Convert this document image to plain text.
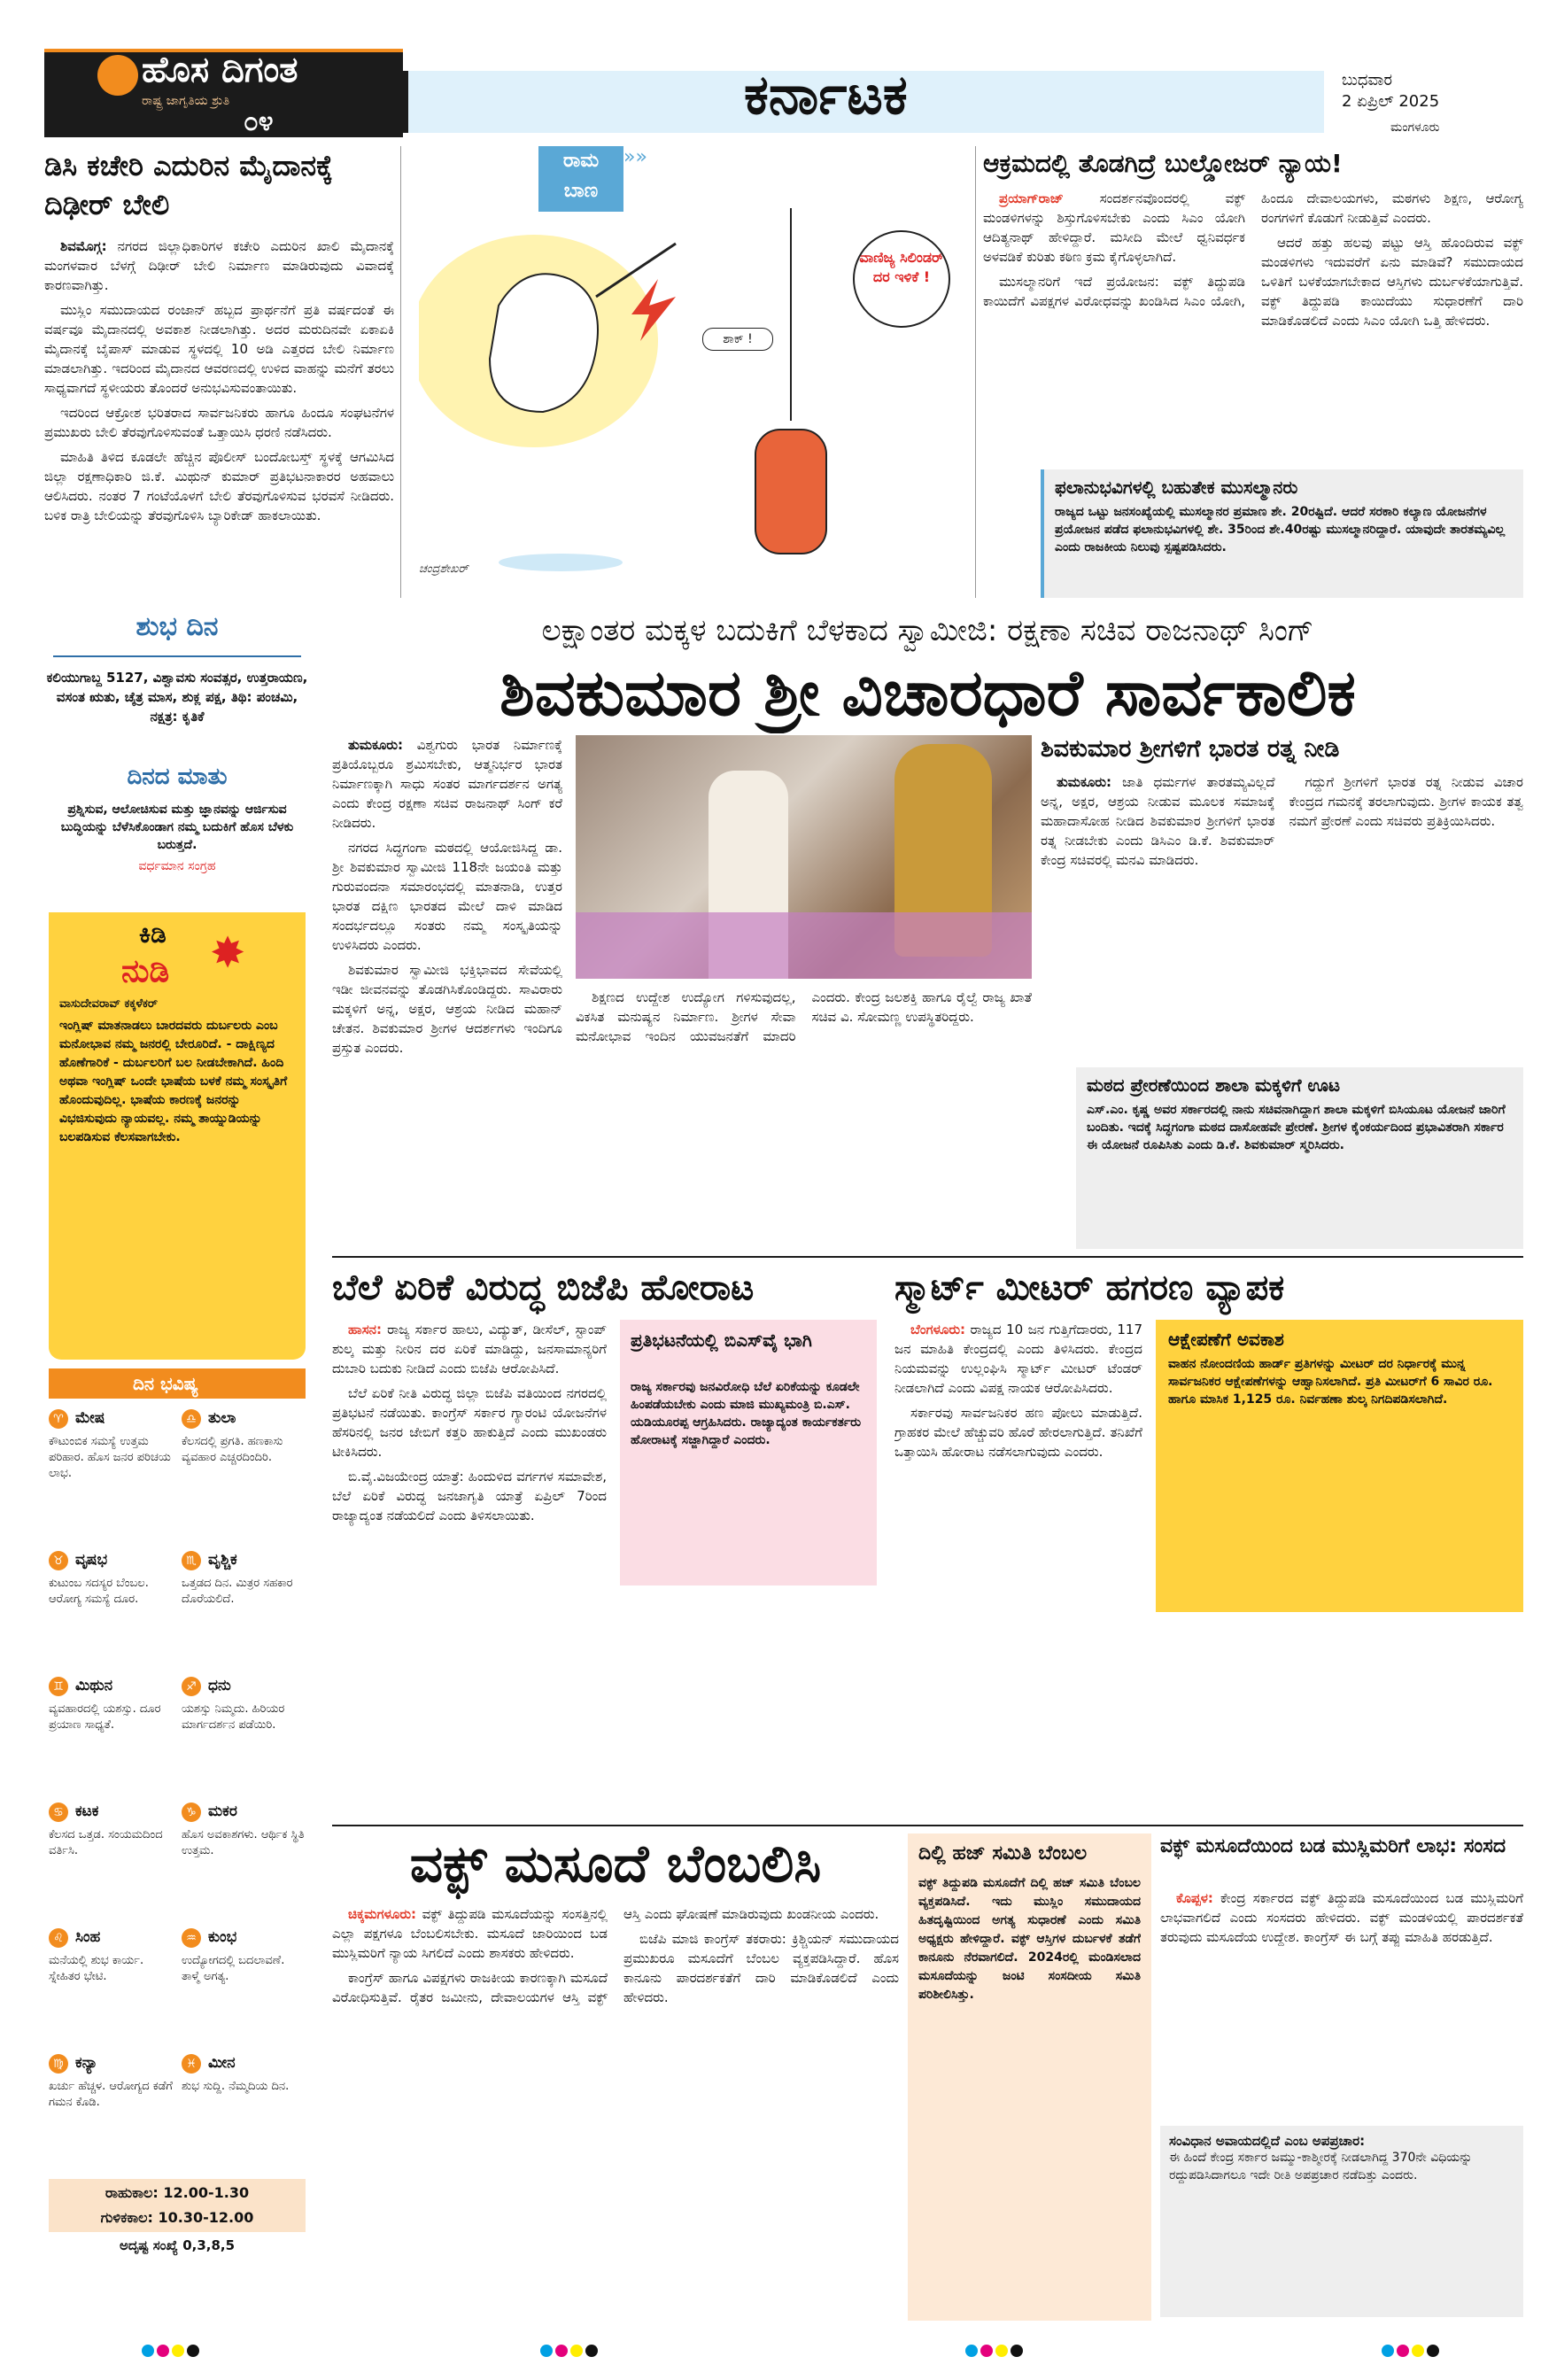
ಹೊಸ ದಿಗಂತ
ರಾಷ್ಟ್ರ ಜಾಗೃತಿಯ ಶ್ರುತಿ
೦೪	ಕರ್ನಾಟಕ	ಬುಧವಾರ
2 ಏಪ್ರಿಲ್ 2025
ಮಂಗಳೂರು
ಡಿಸಿ ಕಚೇರಿ ಎದುರಿನ ಮೈದಾನಕ್ಕೆ ದಿಢೀರ್ ಬೇಲಿ

ಶಿವಮೊಗ್ಗ: ನಗರದ ಜಿಲ್ಲಾಧಿಕಾರಿಗಳ ಕಚೇರಿ ಎದುರಿನ ಖಾಲಿ ಮೈದಾನಕ್ಕೆ ಮಂಗಳವಾರ ಬೆಳಗ್ಗೆ ದಿಢೀರ್ ಬೇಲಿ ನಿರ್ಮಾಣ ಮಾಡಿರುವುದು ವಿವಾದಕ್ಕೆ ಕಾರಣವಾಗಿತ್ತು.

ಮುಸ್ಲಿಂ ಸಮುದಾಯದ ರಂಜಾನ್ ಹಬ್ಬದ ಪ್ರಾರ್ಥನೆಗೆ ಪ್ರತಿ ವರ್ಷದಂತೆ ಈ ವರ್ಷವೂ ಮೈದಾನದಲ್ಲಿ ಅವಕಾಶ ನೀಡಲಾಗಿತ್ತು. ಅದರ ಮರುದಿನವೇ ಏಕಾಏಕಿ ಮೈದಾನಕ್ಕೆ ಬೈಪಾಸ್ ಮಾಡುವ ಸ್ಥಳದಲ್ಲಿ 10 ಅಡಿ ಎತ್ತರದ ಬೇಲಿ ನಿರ್ಮಾಣ ಮಾಡಲಾಗಿತ್ತು. ಇದರಿಂದ ಮೈದಾನದ ಆವರಣದಲ್ಲಿ ಉಳಿದ ವಾಹನ್ನು ಮನೆಗೆ ತರಲು ಸಾಧ್ಯವಾಗದೆ ಸ್ಥಳೀಯರು ತೊಂದರೆ ಅನುಭವಿಸುವಂತಾಯಿತು.

ಇದರಿಂದ ಆಕ್ರೋಶ ಭರಿತರಾದ ಸಾರ್ವಜನಿಕರು ಹಾಗೂ ಹಿಂದೂ ಸಂಘಟನೆಗಳ ಪ್ರಮುಖರು ಬೇಲಿ ತೆರವುಗೊಳಿಸುವಂತೆ ಒತ್ತಾಯಿಸಿ ಧರಣಿ ನಡೆಸಿದರು.

ಮಾಹಿತಿ ತಿಳಿದ ಕೂಡಲೇ ಹೆಚ್ಚಿನ ಪೊಲೀಸ್ ಬಂದೋಬಸ್ತ್ ಸ್ಥಳಕ್ಕೆ ಆಗಮಿಸಿದ ಜಿಲ್ಲಾ ರಕ್ಷಣಾಧಿಕಾರಿ ಜಿ.ಕೆ. ಮಿಥುನ್ ಕುಮಾರ್ ಪ್ರತಿಭಟನಾಕಾರರ ಅಹವಾಲು ಆಲಿಸಿದರು. ನಂತರ 7 ಗಂಟೆಯೊಳಗೆ ಬೇಲಿ ತೆರವುಗೊಳಿಸುವ ಭರವಸೆ ನೀಡಿದರು. ಬಳಿಕ ರಾತ್ರಿ ಬೇಲಿಯನ್ನು ತೆರವುಗೊಳಿಸಿ ಬ್ಯಾರಿಕೇಡ್ ಹಾಕಲಾಯಿತು.

ರಾಮ
ಬಾಣ
»»
ವಾಣಿಜ್ಯ ಸಿಲಿಂಡರ್ ದರ ಇಳಿಕೆ !
ಶಾಕ್ !
ಚಂದ್ರಶೇಖರ್
ಆಕ್ರಮದಲ್ಲಿ ತೊಡಗಿದ್ರೆ ಬುಲ್ಡೋಜರ್ ನ್ಯಾಯ!

ಪ್ರಯಾಗ್‌ರಾಜ್	ಸಂದರ್ಶನವೊಂದರಲ್ಲಿ ವಕ್ಫ್ ಮಂಡಳಿಗಳನ್ನು ಶಿಸ್ತುಗೊಳಿಸಬೇಕು ಎಂದು ಸಿಎಂ ಯೋಗಿ ಆದಿತ್ಯನಾಥ್ ಹೇಳಿದ್ದಾರೆ. ಮಸೀದಿ ಮೇಲೆ ಧ್ವನಿವರ್ಧಕ ಅಳವಡಿಕೆ ಕುರಿತು ಕಠಿಣ ಕ್ರಮ ಕೈಗೊಳ್ಳಲಾಗಿದೆ.

ಮುಸಲ್ಮಾನರಿಗೆ ಇದೆ ಪ್ರಯೋಜನ: ವಕ್ಫ್ ತಿದ್ದುಪಡಿ ಕಾಯಿದೆಗೆ ವಿಪಕ್ಷಗಳ ವಿರೋಧವನ್ನು ಖಂಡಿಸಿದ ಸಿಎಂ ಯೋಗಿ, ಹಿಂದೂ ದೇವಾಲಯಗಳು, ಮಠಗಳು ಶಿಕ್ಷಣ, ಆರೋಗ್ಯ ರಂಗಗಳಿಗೆ ಕೊಡುಗೆ ನೀಡುತ್ತಿವೆ ಎಂದರು.

ಆದರೆ ಹತ್ತು ಹಲವು ಪಟ್ಟು ಆಸ್ತಿ ಹೊಂದಿರುವ ವಕ್ಫ್ ಮಂಡಳಿಗಳು ಇದುವರೆಗೆ ಏನು ಮಾಡಿವೆ? ಸಮುದಾಯದ ಒಳಿತಿಗೆ ಬಳಕೆಯಾಗಬೇಕಾದ ಆಸ್ತಿಗಳು ದುರ್ಬಳಕೆಯಾಗುತ್ತಿವೆ. ವಕ್ಫ್ ತಿದ್ದುಪಡಿ ಕಾಯಿದೆಯು ಸುಧಾರಣೆಗೆ ದಾರಿ ಮಾಡಿಕೊಡಲಿದೆ ಎಂದು ಸಿಎಂ ಯೋಗಿ ಒತ್ತಿ ಹೇಳಿದರು.

ಫಲಾನುಭವಿಗಳಲ್ಲಿ ಬಹುತೇಕ ಮುಸಲ್ಮಾನರು
ರಾಜ್ಯದ ಒಟ್ಟು ಜನಸಂಖ್ಯೆಯಲ್ಲಿ ಮುಸಲ್ಮಾನರ ಪ್ರಮಾಣ ಶೇ. 20ರಷ್ಟಿದೆ. ಆದರೆ ಸರಕಾರಿ ಕಲ್ಯಾಣ ಯೋಜನೆಗಳ ಪ್ರಯೋಜನ ಪಡೆದ ಫಲಾನುಭವಿಗಳಲ್ಲಿ ಶೇ. 35ರಿಂದ ಶೇ.40ರಷ್ಟು ಮುಸಲ್ಮಾನರಿದ್ದಾರೆ. ಯಾವುದೇ ತಾರತಮ್ಯವಿಲ್ಲ ಎಂದು ರಾಜಕೀಯ ನಿಲುವು ಸ್ಪಷ್ಟಪಡಿಸಿದರು.
ಶುಭ ದಿನ
ಕಲಿಯುಗಾಬ್ದ 5127, ವಿಶ್ವಾವಸು ಸಂವತ್ಸರ, ಉತ್ತರಾಯಣ, ವಸಂತ ಋತು, ಚೈತ್ರ ಮಾಸ, ಶುಕ್ಲ ಪಕ್ಷ, ತಿಥಿ: ಪಂಚಮಿ, ನಕ್ಷತ್ರ: ಕೃತಿಕೆ
ದಿನದ ಮಾತು
ಪ್ರಶ್ನಿಸುವ, ಆಲೋಚಿಸುವ ಮತ್ತು ಜ್ಞಾನವನ್ನು ಆರ್ಜಿಸುವ ಬುದ್ಧಿಯನ್ನು ಬೆಳೆಸಿಕೊಂಡಾಗ ನಮ್ಮ ಬದುಕಿಗೆ ಹೊಸ ಬೆಳಕು ಬರುತ್ತದೆ.
ವರ್ಧಮಾನ ಸಂಗ್ರಹ
✸
ಕಿಡಿ
ನುಡಿ
ವಾಸುದೇವರಾವ್ ಕಕ್ಕಳೆಕರ್
ಇಂಗ್ಲಿಷ್ ಮಾತನಾಡಲು ಬಾರದವರು ದುರ್ಬಲರು ಎಂಬ ಮನೋಭಾವ ನಮ್ಮ ಜನರಲ್ಲಿ ಬೇರೂರಿದೆ. - ದಾಕ್ಷಿಣ್ಯದ ಹೊಣೆಗಾರಿಕೆ - ದುರ್ಬಲರಿಗೆ ಬಲ ನೀಡಬೇಕಾಗಿದೆ. ಹಿಂದಿ ಅಥವಾ ಇಂಗ್ಲಿಷ್ ಒಂದೇ ಭಾಷೆಯ ಬಳಕೆ ನಮ್ಮ ಸಂಸ್ಕೃತಿಗೆ ಹೊಂದುವುದಿಲ್ಲ. ಭಾಷೆಯ ಕಾರಣಕ್ಕೆ ಜನರನ್ನು ವಿಭಜಿಸುವುದು ನ್ಯಾಯವಲ್ಲ. ನಮ್ಮ ತಾಯ್ನುಡಿಯನ್ನು ಬಲಪಡಿಸುವ ಕೆಲಸವಾಗಬೇಕು.
ದಿನ ಭವಿಷ್ಯ
♈ ಮೇಷ
ಕೌಟುಂಬಿಕ ಸಮಸ್ಯೆ ಉತ್ತಮ ಪರಿಹಾರ. ಹೊಸ ಜನರ ಪರಿಚಯ ಲಾಭ.
♎ ತುಲಾ
ಕೆಲಸದಲ್ಲಿ ಪ್ರಗತಿ. ಹಣಕಾಸು ವ್ಯವಹಾರ ಎಚ್ಚರದಿಂದಿರಿ.
♉ ವೃಷಭ
ಕುಟುಂಬ ಸದಸ್ಯರ ಬೆಂಬಲ. ಆರೋಗ್ಯ ಸಮಸ್ಯೆ ದೂರ.
♏ ವೃಶ್ಚಿಕ
ಒತ್ತಡದ ದಿನ. ಮಿತ್ರರ ಸಹಕಾರ ದೊರೆಯಲಿದೆ.
♊ ಮಿಥುನ
ವ್ಯವಹಾರದಲ್ಲಿ ಯಶಸ್ಸು. ದೂರ ಪ್ರಯಾಣ ಸಾಧ್ಯತೆ.
♐ ಧನು
ಯಶಸ್ಸು ನಿಮ್ಮದು. ಹಿರಿಯರ ಮಾರ್ಗದರ್ಶನ ಪಡೆಯಿರಿ.
♋ ಕಟಕ
ಕೆಲಸದ ಒತ್ತಡ. ಸಂಯಮದಿಂದ ವರ್ತಿಸಿ.
♑ ಮಕರ
ಹೊಸ ಅವಕಾಶಗಳು. ಆರ್ಥಿಕ ಸ್ಥಿತಿ ಉತ್ತಮ.
♌ ಸಿಂಹ
ಮನೆಯಲ್ಲಿ ಶುಭ ಕಾರ್ಯ. ಸ್ನೇಹಿತರ ಭೇಟಿ.
♒ ಕುಂಭ
ಉದ್ಯೋಗದಲ್ಲಿ ಬದಲಾವಣೆ. ತಾಳ್ಮೆ ಅಗತ್ಯ.
♍ ಕನ್ಯಾ
ಖರ್ಚು ಹೆಚ್ಚಳ. ಆರೋಗ್ಯದ ಕಡೆಗೆ ಗಮನ ಕೊಡಿ.
♓ ಮೀನ
ಶುಭ ಸುದ್ದಿ. ನೆಮ್ಮದಿಯ ದಿನ.
ರಾಹುಕಾಲ: 12.00-1.30
ಗುಳಿಕಕಾಲ: 10.30-12.00
ಅದೃಷ್ಟ ಸಂಖ್ಯೆ 0,3,8,5
ಲಕ್ಷಾಂತರ ಮಕ್ಕಳ ಬದುಕಿಗೆ ಬೆಳಕಾದ ಸ್ವಾಮೀಜಿ: ರಕ್ಷಣಾ ಸಚಿವ ರಾಜನಾಥ್ ಸಿಂಗ್
ಶಿವಕುಮಾರ ಶ್ರೀ ವಿಚಾರಧಾರೆ ಸಾರ್ವಕಾಲಿಕ

ತುಮಕೂರು: ವಿಶ್ವಗುರು ಭಾರತ ನಿರ್ಮಾಣಕ್ಕೆ ಪ್ರತಿಯೊಬ್ಬರೂ ಶ್ರಮಿಸಬೇಕು, ಆತ್ಮನಿರ್ಭರ ಭಾರತ ನಿರ್ಮಾಣಕ್ಕಾಗಿ ಸಾಧು ಸಂತರ ಮಾರ್ಗದರ್ಶನ ಅಗತ್ಯ ಎಂದು ಕೇಂದ್ರ ರಕ್ಷಣಾ ಸಚಿವ ರಾಜನಾಥ್ ಸಿಂಗ್ ಕರೆ ನೀಡಿದರು.

ನಗರದ ಸಿದ್ಧಗಂಗಾ ಮಠದಲ್ಲಿ ಆಯೋಜಿಸಿದ್ದ ಡಾ. ಶ್ರೀ ಶಿವಕುಮಾರ ಸ್ವಾಮೀಜಿ 118ನೇ ಜಯಂತಿ ಮತ್ತು ಗುರುವಂದನಾ ಸಮಾರಂಭದಲ್ಲಿ ಮಾತನಾಡಿ, ಉತ್ತರ ಭಾರತ ದಕ್ಷಿಣ ಭಾರತದ ಮೇಲೆ ದಾಳಿ ಮಾಡಿದ ಸಂದರ್ಭದಲ್ಲೂ ಸಂತರು ನಮ್ಮ ಸಂಸ್ಕೃತಿಯನ್ನು ಉಳಿಸಿದರು ಎಂದರು.

ಶಿವಕುಮಾರ ಸ್ವಾಮೀಜಿ ಭಕ್ತಿಭಾವದ ಸೇವೆಯಲ್ಲಿ ಇಡೀ ಜೀವನವನ್ನು ತೊಡಗಿಸಿಕೊಂಡಿದ್ದರು. ಸಾವಿರಾರು ಮಕ್ಕಳಿಗೆ ಅನ್ನ, ಅಕ್ಷರ, ಆಶ್ರಯ ನೀಡಿದ ಮಹಾನ್ ಚೇತನ. ಶಿವಕುಮಾರ ಶ್ರೀಗಳ ಆದರ್ಶಗಳು ಇಂದಿಗೂ ಪ್ರಸ್ತುತ ಎಂದರು.

ಶಿಕ್ಷಣದ ಉದ್ದೇಶ ಉದ್ಯೋಗ ಗಳಿಸುವುದಲ್ಲ, ವಿಕಸಿತ ಮನುಷ್ಯನ ನಿರ್ಮಾಣ. ಶ್ರೀಗಳ ಸೇವಾ ಮನೋಭಾವ ಇಂದಿನ ಯುವಜನತೆಗೆ ಮಾದರಿ ಎಂದರು. ಕೇಂದ್ರ ಜಲಶಕ್ತಿ ಹಾಗೂ ರೈಲ್ವೆ ರಾಜ್ಯ ಖಾತೆ ಸಚಿವ ವಿ. ಸೋಮಣ್ಣ ಉಪಸ್ಥಿತರಿದ್ದರು.

ಶಿವಕುಮಾರ ಶ್ರೀಗಳಿಗೆ ಭಾರತ ರತ್ನ ನೀಡಿ

ತುಮಕೂರು: ಜಾತಿ ಧರ್ಮಗಳ ತಾರತಮ್ಯವಿಲ್ಲದೆ ಅನ್ನ, ಅಕ್ಷರ, ಆಶ್ರಯ ನೀಡುವ ಮೂಲಕ ಸಮಾಜಕ್ಕೆ ಮಹಾದಾಸೋಹ ನೀಡಿದ ಶಿವಕುಮಾರ ಶ್ರೀಗಳಿಗೆ ಭಾರತ ರತ್ನ ನೀಡಬೇಕು ಎಂದು ಡಿಸಿಎಂ ಡಿ.ಕೆ. ಶಿವಕುಮಾರ್ ಕೇಂದ್ರ ಸಚಿವರಲ್ಲಿ ಮನವಿ ಮಾಡಿದರು.

ಗದ್ದುಗೆ ಶ್ರೀಗಳಿಗೆ ಭಾರತ ರತ್ನ ನೀಡುವ ವಿಚಾರ ಕೇಂದ್ರದ ಗಮನಕ್ಕೆ ತರಲಾಗುವುದು. ಶ್ರೀಗಳ ಕಾಯಕ ತತ್ವ ನಮಗೆ ಪ್ರೇರಣೆ ಎಂದು ಸಚಿವರು ಪ್ರತಿಕ್ರಿಯಿಸಿದರು.

ಮಠದ ಪ್ರೇರಣೆಯಿಂದ ಶಾಲಾ ಮಕ್ಕಳಿಗೆ ಊಟ
ಎಸ್.ಎಂ. ಕೃಷ್ಣ ಅವರ ಸರ್ಕಾರದಲ್ಲಿ ನಾನು ಸಚಿವನಾಗಿದ್ದಾಗ ಶಾಲಾ ಮಕ್ಕಳಿಗೆ ಬಿಸಿಯೂಟ ಯೋಜನೆ ಜಾರಿಗೆ ಬಂದಿತು. ಇದಕ್ಕೆ ಸಿದ್ಧಗಂಗಾ ಮಠದ ದಾಸೋಹವೇ ಪ್ರೇರಣೆ. ಶ್ರೀಗಳ ಕೈಂಕರ್ಯದಿಂದ ಪ್ರಭಾವಿತರಾಗಿ ಸರ್ಕಾರ ಈ ಯೋಜನೆ ರೂಪಿಸಿತು ಎಂದು ಡಿ.ಕೆ. ಶಿವಕುಮಾರ್ ಸ್ಮರಿಸಿದರು.
ಬೆಲೆ ಏರಿಕೆ ವಿರುದ್ಧ ಬಿಜೆಪಿ ಹೋರಾಟ

ಹಾಸನ: ರಾಜ್ಯ ಸರ್ಕಾರ ಹಾಲು, ವಿದ್ಯುತ್, ಡೀಸೆಲ್, ಸ್ಟಾಂಪ್ ಶುಲ್ಕ ಮತ್ತು ನೀರಿನ ದರ ಏರಿಕೆ ಮಾಡಿದ್ದು, ಜನಸಾಮಾನ್ಯರಿಗೆ ದುಬಾರಿ ಬದುಕು ನೀಡಿದೆ ಎಂದು ಬಿಜೆಪಿ ಆರೋಪಿಸಿದೆ.

ಬೆಲೆ ಏರಿಕೆ ನೀತಿ ವಿರುದ್ಧ ಜಿಲ್ಲಾ ಬಿಜೆಪಿ ವತಿಯಿಂದ ನಗರದಲ್ಲಿ ಪ್ರತಿಭಟನೆ ನಡೆಯಿತು. ಕಾಂಗ್ರೆಸ್ ಸರ್ಕಾರ ಗ್ಯಾರಂಟಿ ಯೋಜನೆಗಳ ಹೆಸರಿನಲ್ಲಿ ಜನರ ಜೇಬಿಗೆ ಕತ್ತರಿ ಹಾಕುತ್ತಿದೆ ಎಂದು ಮುಖಂಡರು ಟೀಕಿಸಿದರು.

ಬಿ.ವೈ.ವಿಜಯೇಂದ್ರ ಯಾತ್ರೆ: ಹಿಂದುಳಿದ ವರ್ಗಗಳ ಸಮಾವೇಶ, ಬೆಲೆ ಏರಿಕೆ ವಿರುದ್ಧ ಜನಜಾಗೃತಿ ಯಾತ್ರೆ ಏಪ್ರಿಲ್ 7ರಿಂದ ರಾಜ್ಯಾದ್ಯಂತ ನಡೆಯಲಿದೆ ಎಂದು ತಿಳಿಸಲಾಯಿತು.

ಪ್ರತಿಭಟನೆಯಲ್ಲಿ ಬಿಎಸ್‌ವೈ ಭಾಗಿ
ರಾಜ್ಯ ಸರ್ಕಾರವು ಜನವಿರೋಧಿ ಬೆಲೆ ಏರಿಕೆಯನ್ನು ಕೂಡಲೇ ಹಿಂಪಡೆಯಬೇಕು ಎಂದು ಮಾಜಿ ಮುಖ್ಯಮಂತ್ರಿ ಬಿ.ಎಸ್. ಯಡಿಯೂರಪ್ಪ ಆಗ್ರಹಿಸಿದರು. ರಾಜ್ಯಾದ್ಯಂತ ಕಾರ್ಯಕರ್ತರು ಹೋರಾಟಕ್ಕೆ ಸಜ್ಜಾಗಿದ್ದಾರೆ ಎಂದರು.
ಸ್ಮಾರ್ಟ್ ಮೀಟರ್ ಹಗರಣ ವ್ಯಾಪಕ

ಬೆಂಗಳೂರು: ರಾಜ್ಯದ 10 ಜನ ಗುತ್ತಿಗೆದಾರರು, 117 ಜನ ಮಾಹಿತಿ ಕೇಂದ್ರದಲ್ಲಿ ಎಂದು ತಿಳಿಸಿದರು. ಕೇಂದ್ರದ ನಿಯಮವನ್ನು ಉಲ್ಲಂಘಿಸಿ ಸ್ಮಾರ್ಟ್ ಮೀಟರ್ ಟೆಂಡರ್ ನೀಡಲಾಗಿದೆ ಎಂದು ವಿಪಕ್ಷ ನಾಯಕ ಆರೋಪಿಸಿದರು.

ಸರ್ಕಾರವು ಸಾರ್ವಜನಿಕರ ಹಣ ಪೋಲು ಮಾಡುತ್ತಿದೆ. ಗ್ರಾಹಕರ ಮೇಲೆ ಹೆಚ್ಚುವರಿ ಹೊರೆ ಹೇರಲಾಗುತ್ತಿದೆ. ತನಿಖೆಗೆ ಒತ್ತಾಯಿಸಿ ಹೋರಾಟ ನಡೆಸಲಾಗುವುದು ಎಂದರು.

ಆಕ್ಷೇಪಣೆಗೆ ಅವಕಾಶ
ವಾಹನ ನೋಂದಣಿಯ ಹಾರ್ಡ್ ಪ್ರತಿಗಳನ್ನು ಮೀಟರ್ ದರ ನಿರ್ಧಾರಕ್ಕೆ ಮುನ್ನ ಸಾರ್ವಜನಿಕರ ಆಕ್ಷೇಪಣೆಗಳನ್ನು ಆಹ್ವಾನಿಸಲಾಗಿದೆ. ಪ್ರತಿ ಮೀಟರ್‌ಗೆ 6 ಸಾವಿರ ರೂ. ಹಾಗೂ ಮಾಸಿಕ 1,125 ರೂ. ನಿರ್ವಹಣಾ ಶುಲ್ಕ ನಿಗದಿಪಡಿಸಲಾಗಿದೆ.
ವಕ್ಫ್ ಮಸೂದೆ ಬೆಂಬಲಿಸಿ

ಚಿಕ್ಕಮಗಳೂರು: ವಕ್ಫ್ ತಿದ್ದುಪಡಿ ಮಸೂದೆಯನ್ನು ಸಂಸತ್ತಿನಲ್ಲಿ ಎಲ್ಲಾ ಪಕ್ಷಗಳೂ ಬೆಂಬಲಿಸಬೇಕು. ಮಸೂದೆ ಜಾರಿಯಿಂದ ಬಡ ಮುಸ್ಲಿಮರಿಗೆ ನ್ಯಾಯ ಸಿಗಲಿದೆ ಎಂದು ಶಾಸಕರು ಹೇಳಿದರು.

ಕಾಂಗ್ರೆಸ್ ಹಾಗೂ ವಿಪಕ್ಷಗಳು ರಾಜಕೀಯ ಕಾರಣಕ್ಕಾಗಿ ಮಸೂದೆ ವಿರೋಧಿಸುತ್ತಿವೆ. ರೈತರ ಜಮೀನು, ದೇವಾಲಯಗಳ ಆಸ್ತಿ ವಕ್ಫ್ ಆಸ್ತಿ ಎಂದು ಘೋಷಣೆ ಮಾಡಿರುವುದು ಖಂಡನೀಯ ಎಂದರು.

ಬಿಜೆಪಿ ಮಾಜಿ ಕಾಂಗ್ರೆಸ್ ತಕರಾರು: ಕ್ರಿಶ್ಚಿಯನ್ ಸಮುದಾಯದ ಪ್ರಮುಖರೂ ಮಸೂದೆಗೆ ಬೆಂಬಲ ವ್ಯಕ್ತಪಡಿಸಿದ್ದಾರೆ. ಹೊಸ ಕಾನೂನು ಪಾರದರ್ಶಕತೆಗೆ ದಾರಿ ಮಾಡಿಕೊಡಲಿದೆ ಎಂದು ಹೇಳಿದರು.

ದಿಲ್ಲಿ ಹಜ್ ಸಮಿತಿ ಬೆಂಬಲ
ವಕ್ಫ್ ತಿದ್ದುಪಡಿ ಮಸೂದೆಗೆ ದಿಲ್ಲಿ ಹಜ್ ಸಮಿತಿ ಬೆಂಬಲ ವ್ಯಕ್ತಪಡಿಸಿದೆ. ಇದು ಮುಸ್ಲಿಂ ಸಮುದಾಯದ ಹಿತದೃಷ್ಟಿಯಿಂದ ಅಗತ್ಯ ಸುಧಾರಣೆ ಎಂದು ಸಮಿತಿ ಅಧ್ಯಕ್ಷರು ಹೇಳಿದ್ದಾರೆ. ವಕ್ಫ್ ಆಸ್ತಿಗಳ ದುರ್ಬಳಕೆ ತಡೆಗೆ ಕಾನೂನು ನೆರವಾಗಲಿದೆ. 2024ರಲ್ಲಿ ಮಂಡಿಸಲಾದ ಮಸೂದೆಯನ್ನು ಜಂಟಿ ಸಂಸದೀಯ ಸಮಿತಿ ಪರಿಶೀಲಿಸಿತ್ತು.
ವಕ್ಫ್ ಮಸೂದೆಯಿಂದ ಬಡ ಮುಸ್ಲಿಮರಿಗೆ ಲಾಭ: ಸಂಸದ

ಕೊಪ್ಪಳ: ಕೇಂದ್ರ ಸರ್ಕಾರದ ವಕ್ಫ್ ತಿದ್ದುಪಡಿ ಮಸೂದೆಯಿಂದ ಬಡ ಮುಸ್ಲಿಮರಿಗೆ ಲಾಭವಾಗಲಿದೆ ಎಂದು ಸಂಸದರು ಹೇಳಿದರು. ವಕ್ಫ್ ಮಂಡಳಿಯಲ್ಲಿ ಪಾರದರ್ಶಕತೆ ತರುವುದು ಮಸೂದೆಯ ಉದ್ದೇಶ. ಕಾಂಗ್ರೆಸ್ ಈ ಬಗ್ಗೆ ತಪ್ಪು ಮಾಹಿತಿ ಹರಡುತ್ತಿದೆ.

ಸಂವಿಧಾನ ಅವಾಯದಲ್ಲಿದೆ ಎಂಬ ಅಪಪ್ರಚಾರ:
ಈ ಹಿಂದೆ ಕೇಂದ್ರ ಸರ್ಕಾರ ಜಮ್ಮು-ಕಾಶ್ಮೀರಕ್ಕೆ ನೀಡಲಾಗಿದ್ದ 370ನೇ ವಿಧಿಯನ್ನು ರದ್ದುಪಡಿಸಿದಾಗಲೂ ಇದೇ ರೀತಿ ಅಪಪ್ರಚಾರ ನಡೆದಿತ್ತು ಎಂದರು.
